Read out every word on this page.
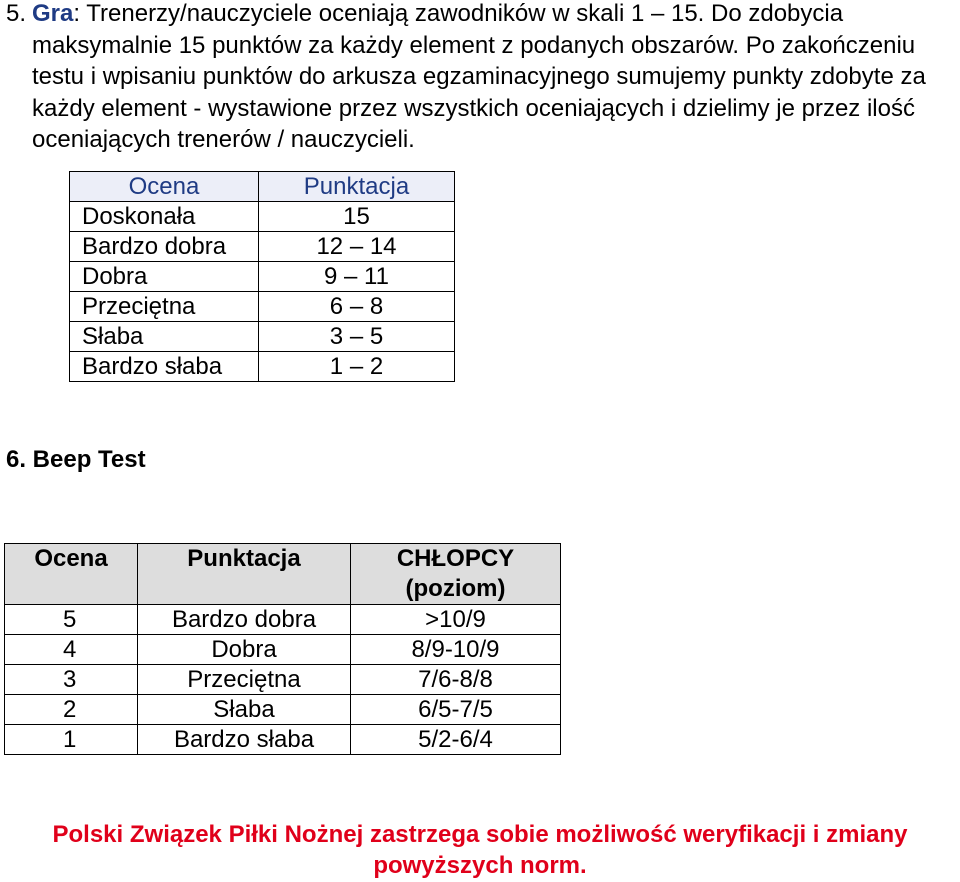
5. Gra: Trenerzy/nauczyciele oceniają zawodników w skali 1 – 15. Do zdobycia maksymalnie 15 punktów za każdy element z podanych obszarów. Po zakończeniu testu i wpisaniu punktów do arkusza egzaminacyjnego sumujemy punkty zdobyte za każdy element - wystawione przez wszystkich oceniających i dzielimy je przez ilość oceniających trenerów / nauczycieli.
Ocena	Punktacja
Doskonała	15
Bardzo dobra	12 – 14
Dobra	9 – 11
Przeciętna	6 – 8
Słaba	3 – 5
Bardzo słaba	1 – 2
6. Beep Test
Ocena	Punktacja	CHŁOPCY (poziom)
5	Bardzo dobra	>10/9
4	Dobra	8/9-10/9
3	Przeciętna	7/6-8/8
2	Słaba	6/5-7/5
1	Bardzo słaba	5/2-6/4
Polski Związek Piłki Nożnej zastrzega sobie możliwość weryfikacji i zmiany powyższych norm.
